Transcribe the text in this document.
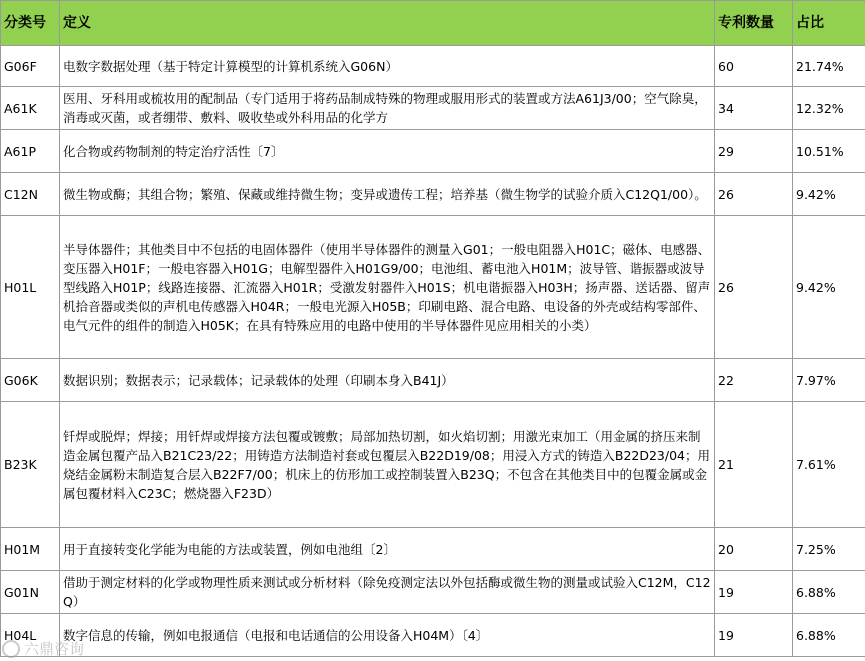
分类号	定义	专利数量	占比
G06F	电数字数据处理（基于特定计算模型的计算机系统入G06N）	60	21.74%
A61K	医用、牙科用或梳妆用的配制品（专门适用于将药品制成特殊的物理或服用形式的装置或方法A61J3/00；空气除臭，消毒或灭菌，或者绷带、敷料、吸收垫或外科用品的化学方	34	12.32%
A61P	化合物或药物制剂的特定治疗活性〔7〕	29	10.51%
C12N	微生物或酶；其组合物；繁殖、保藏或维持微生物；变异或遗传工程；培养基（微生物学的试验介质入C12Q1/00）。	26	9.42%
H01L	半导体器件；其他类目中不包括的电固体器件（使用半导体器件的测量入G01；一般电阻器入H01C；磁体、电感器、变压器入H01F；一般电容器入H01G；电解型器件入H01G9/00；电池组、蓄电池入H01M；波导管、谐振器或波导型线路入H01P；线路连接器、汇流器入H01R；受激发射器件入H01S；机电谐振器入H03H；扬声器、送话器、留声机拾音器或类似的声机电传感器入H04R；一般电光源入H05B；印刷电路、混合电路、电设备的外壳或结构零部件、电气元件的组件的制造入H05K；在具有特殊应用的电路中使用的半导体器件见应用相关的小类）	26	9.42%
G06K	数据识别；数据表示；记录载体；记录载体的处理（印刷本身入B41J）	22	7.97%
B23K	钎焊或脱焊；焊接；用钎焊或焊接方法包覆或镀敷；局部加热切割，如火焰切割；用激光束加工（用金属的挤压来制造金属包覆产品入B21C23/22；用铸造方法制造衬套或包覆层入B22D19/08；用浸入方式的铸造入B22D23/04；用烧结金属粉末制造复合层入B22F7/00；机床上的仿形加工或控制装置入B23Q；不包含在其他类目中的包覆金属或金属包覆材料入C23C；燃烧器入F23D）	21	7.61%
H01M	用于直接转变化学能为电能的方法或装置，例如电池组〔2〕	20	7.25%
G01N	借助于测定材料的化学或物理性质来测试或分析材料（除免疫测定法以外包括酶或微生物的测量或试验入C12M，C12Q）	19	6.88%
H04L	数字信息的传输，例如电报通信（电报和电话通信的公用设备入H04M）〔4〕	19	6.88%
六鼎咨询
